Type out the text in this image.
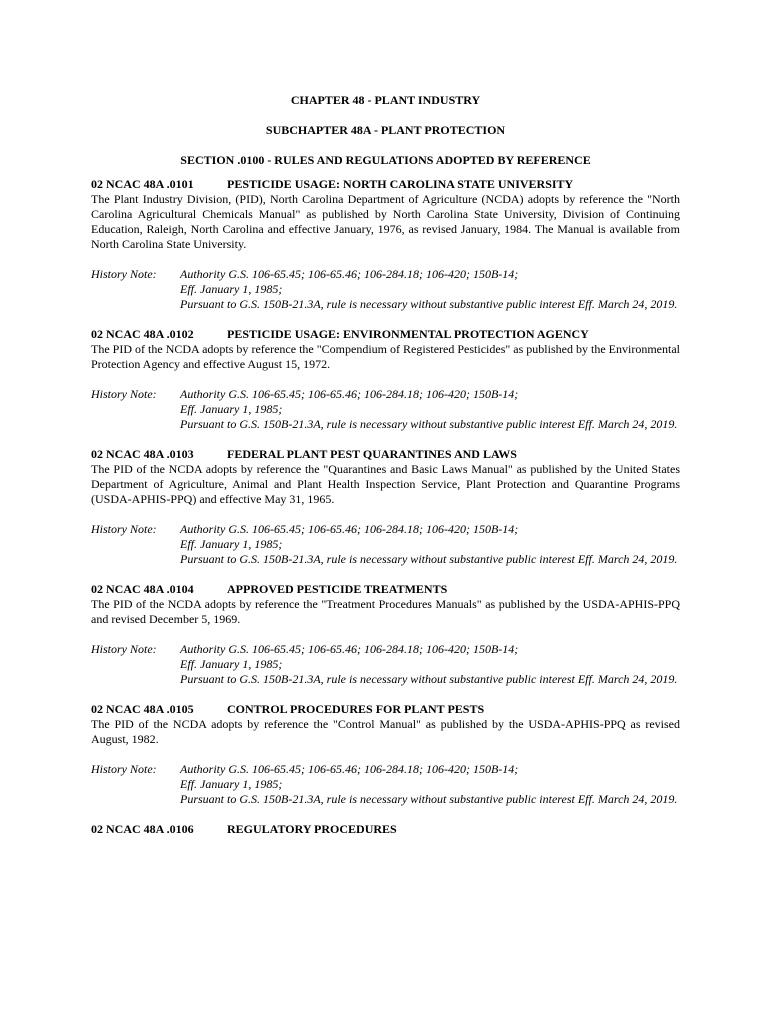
CHAPTER 48 - PLANT INDUSTRY

SUBCHAPTER 48A - PLANT PROTECTION

SECTION .0100 - RULES AND REGULATIONS ADOPTED BY REFERENCE

02 NCAC 48A .0101	PESTICIDE USAGE: NORTH CAROLINA STATE UNIVERSITY

The Plant Industry Division, (PID), North Carolina Department of Agriculture (NCDA) adopts by reference the "North Carolina Agricultural Chemicals Manual" as published by North Carolina State University, Division of Continuing Education, Raleigh, North Carolina and effective January, 1976, as revised January, 1984. The Manual is available from North Carolina State University.

History Note:	Authority G.S. 106-65.45; 106-65.46; 106-284.18; 106-420; 150B-14;
Eff. January 1, 1985;
Pursuant to G.S. 150B-21.3A, rule is necessary without substantive public interest Eff. March 24, 2019.
02 NCAC 48A .0102	PESTICIDE USAGE: ENVIRONMENTAL PROTECTION AGENCY

The PID of the NCDA adopts by reference the "Compendium of Registered Pesticides" as published by the Environmental Protection Agency and effective August 15, 1972.

History Note:	Authority G.S. 106-65.45; 106-65.46; 106-284.18; 106-420; 150B-14;
Eff. January 1, 1985;
Pursuant to G.S. 150B-21.3A, rule is necessary without substantive public interest Eff. March 24, 2019.
02 NCAC 48A .0103	FEDERAL PLANT PEST QUARANTINES AND LAWS

The PID of the NCDA adopts by reference the "Quarantines and Basic Laws Manual" as published by the United States Department of Agriculture, Animal and Plant Health Inspection Service, Plant Protection and Quarantine Programs (USDA-APHIS-PPQ) and effective May 31, 1965.

History Note:	Authority G.S. 106-65.45; 106-65.46; 106-284.18; 106-420; 150B-14;
Eff. January 1, 1985;
Pursuant to G.S. 150B-21.3A, rule is necessary without substantive public interest Eff. March 24, 2019.
02 NCAC 48A .0104	APPROVED PESTICIDE TREATMENTS

The PID of the NCDA adopts by reference the "Treatment Procedures Manuals" as published by the USDA-APHIS-PPQ and revised December 5, 1969.

History Note:	Authority G.S. 106-65.45; 106-65.46; 106-284.18; 106-420; 150B-14;
Eff. January 1, 1985;
Pursuant to G.S. 150B-21.3A, rule is necessary without substantive public interest Eff. March 24, 2019.
02 NCAC 48A .0105	CONTROL PROCEDURES FOR PLANT PESTS

The PID of the NCDA adopts by reference the "Control Manual" as published by the USDA-APHIS-PPQ as revised August, 1982.

History Note:	Authority G.S. 106-65.45; 106-65.46; 106-284.18; 106-420; 150B-14;
Eff. January 1, 1985;
Pursuant to G.S. 150B-21.3A, rule is necessary without substantive public interest Eff. March 24, 2019.
02 NCAC 48A .0106	REGULATORY PROCEDURES
